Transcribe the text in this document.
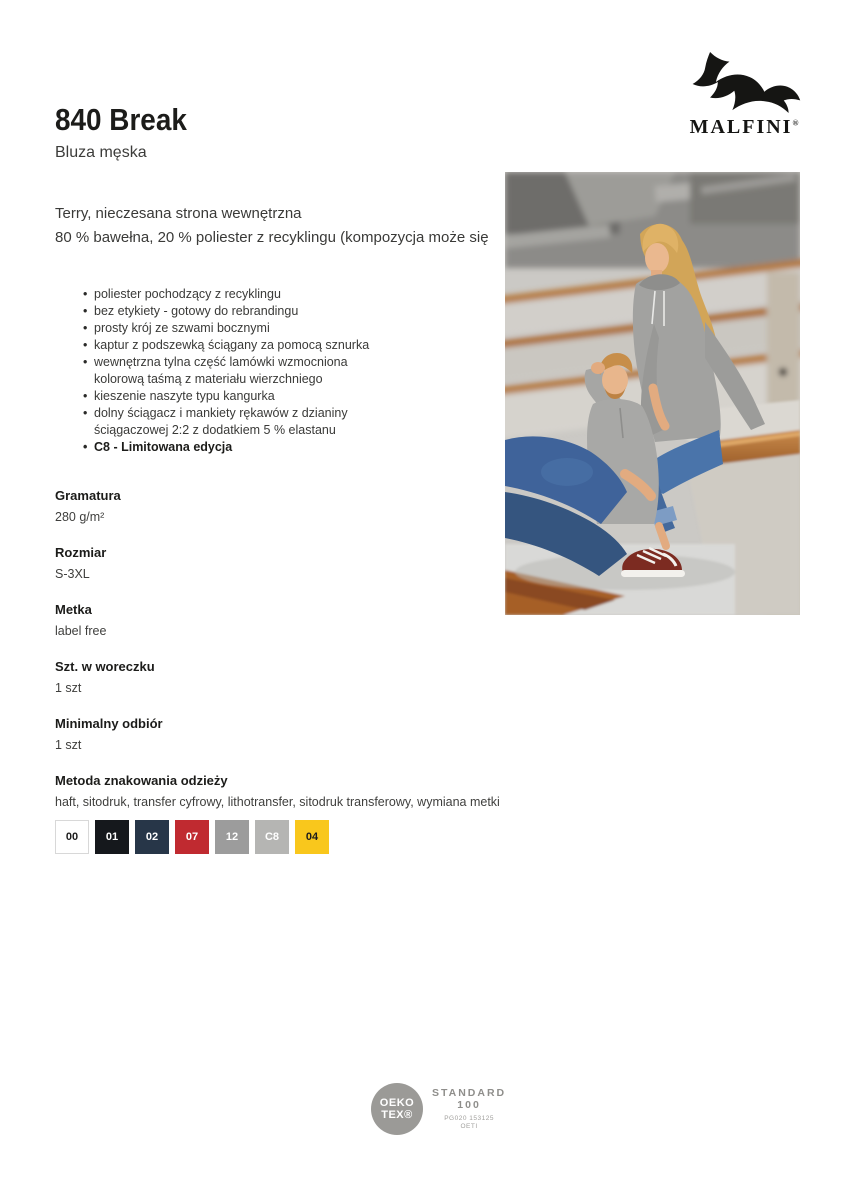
MALFINI®
840 Break
Bluza męska
Terry, nieczesana strona wewnętrzna
80 % bawełna, 20 % poliester z recyklingu (kompozycja może się
• poliester pochodzący z recyklingu
• bez etykiety - gotowy do rebrandingu
• prosty krój ze szwami bocznymi
• kaptur z podszewką ściągany za pomocą sznurka
• wewnętrzna tylna część lamówki wzmocniona kolorową taśmą z materiału wierzchniego
• kieszenie naszyte typu kangurka
• dolny ściągacz i mankiety rękawów z dzianiny ściągaczowej 2:2 z dodatkiem 5 % elastanu
• C8 - Limitowana edycja
Gramatura
280 g/m²
Rozmiar
S-3XL
Metka
label free
Szt. w woreczku
1 szt
Minimalny odbiór
1 szt
Metoda znakowania odzieży
haft, sitodruk, transfer cyfrowy, lithotransfer, sitodruk transferowy, wymiana metki
00	01	02	07	12 C8 04
OEKO
TEX®
STANDARD
100
PG020 153125
OETI
